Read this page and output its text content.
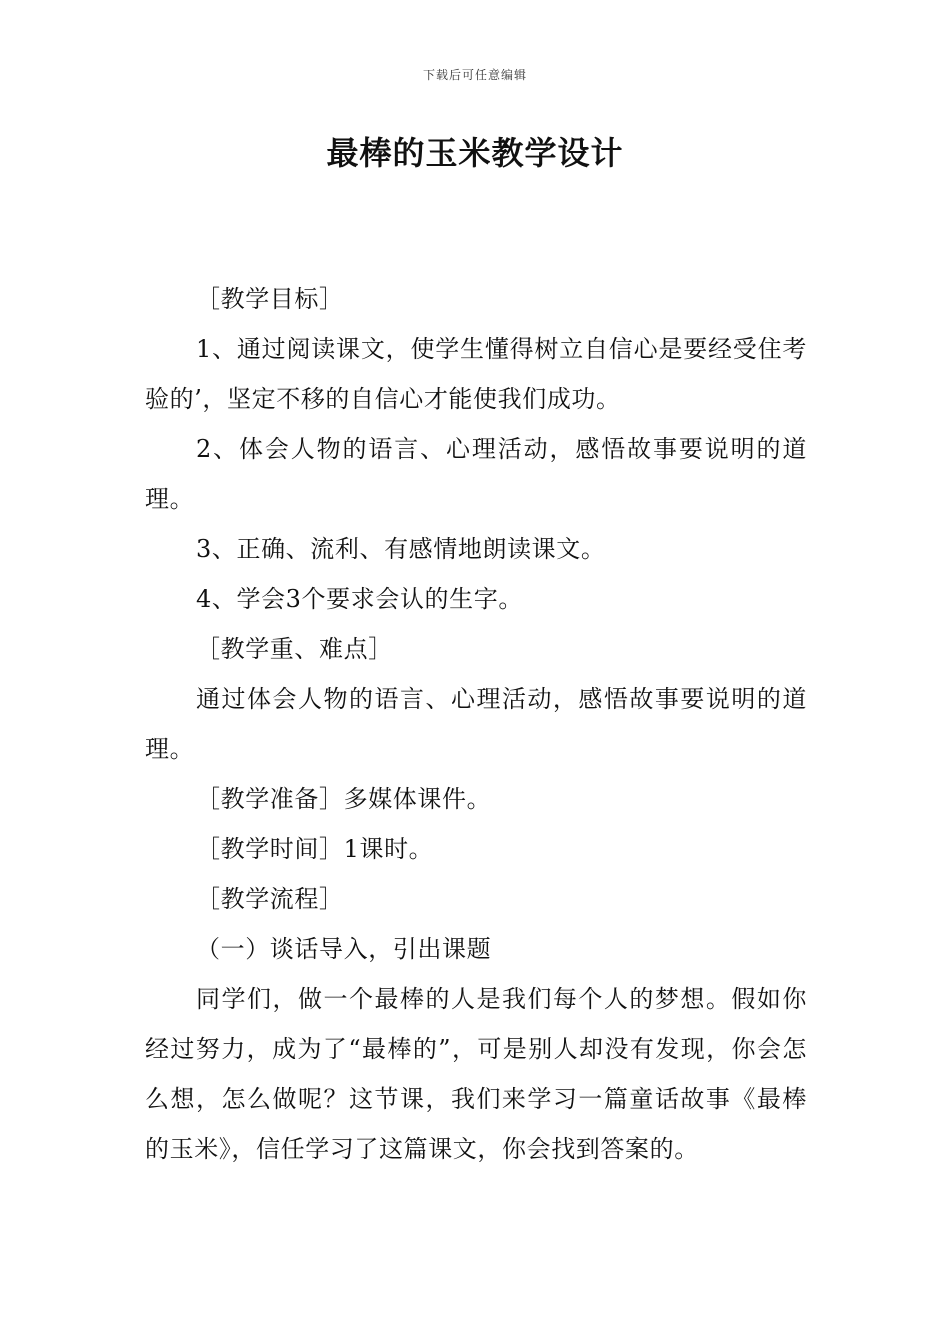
下载后可任意编辑
最棒的玉米教学设计

［教学目标］

1、通过阅读课文，使学生懂得树立自信心是要经受住考验的’，坚定不移的自信心才能使我们成功。

2、体会人物的语言、心理活动，感悟故事要说明的道理。

3、正确、流利、有感情地朗读课文。

4、学会3个要求会认的生字。

［教学重、难点］

通过体会人物的语言、心理活动，感悟故事要说明的道理。

［教学准备］多媒体课件。

［教学时间］1课时。

［教学流程］

（一）谈话导入，引出课题

同学们，做一个最棒的人是我们每个人的梦想。假如你经过努力，成为了“最棒的”，可是别人却没有发现，你会怎么想，怎么做呢？这节课，我们来学习一篇童话故事《最棒的玉米》，信任学习了这篇课文，你会找到答案的。
